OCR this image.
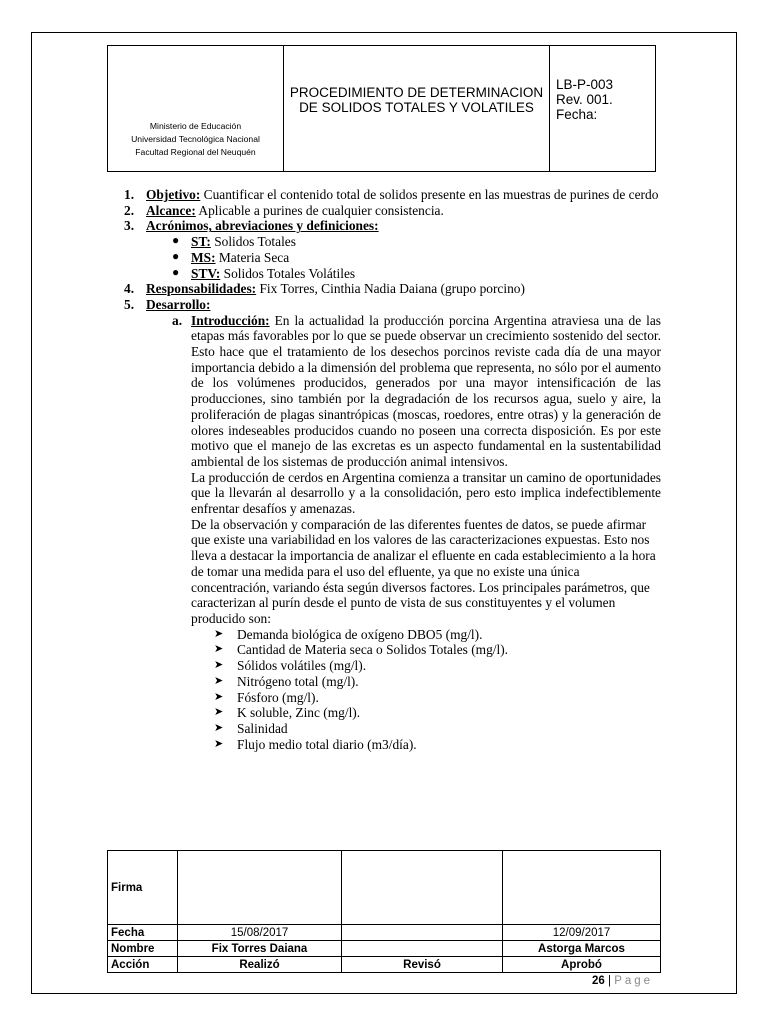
Ministerio de Educación
Universidad Tecnológica Nacional
Facultad Regional del Neuquén

PROCEDIMIENTO DE DETERMINACION
DE SOLIDOS TOTALES Y VOLATILES

LB-P-003
Rev. 001.
Fecha:
1. Objetivo: Cuantificar el contenido total de solidos presente en las muestras de purines de cerdo
2. Alcance: Aplicable a purines de cualquier consistencia.
3. Acrónimos, abreviaciones y definiciones:
● ST: Solidos Totales
● MS: Materia Seca
● STV: Solidos Totales Volátiles
4. Responsabilidades: Fix Torres, Cinthia Nadia Daiana (grupo porcino)
5. Desarrollo:
a. Introducción: En la actualidad la producción porcina Argentina atraviesa una de las etapas más favorables por lo que se puede observar un crecimiento sostenido del sector. Esto hace que el tratamiento de los desechos porcinos reviste cada día de una mayor importancia debido a la dimensión del problema que representa, no sólo por el aumento de los volúmenes producidos, generados por una mayor intensificación de las producciones, sino también por la degradación de los recursos agua, suelo y aire, la proliferación de plagas sinantrópicas (moscas, roedores, entre otras) y la generación de olores indeseables producidos cuando no poseen una correcta disposición. Es por este motivo que el manejo de las excretas es un aspecto fundamental en la sustentabilidad ambiental de los sistemas de producción animal intensivos.
La producción de cerdos en Argentina comienza a transitar un camino de oportunidades que la llevarán al desarrollo y a la consolidación, pero esto implica indefectiblemente enfrentar desafíos y amenazas.
De la observación y comparación de las diferentes fuentes de datos, se puede afirmar que existe una variabilidad en los valores de las caracterizaciones expuestas. Esto nos lleva a destacar la importancia de analizar el efluente en cada establecimiento a la hora de tomar una medida para el uso del efluente, ya que no existe una única concentración, variando ésta según diversos factores. Los principales parámetros, que caracterizan al purín desde el punto de vista de sus constituyentes y el volumen producido son:
➤ Demanda biológica de oxígeno DBO5 (mg/l).
➤ Cantidad de Materia seca o Solidos Totales (mg/l).
➤ Sólidos volátiles (mg/l).
➤ Nitrógeno total (mg/l).
➤ Fósforo (mg/l).
➤ K soluble, Zinc (mg/l).
➤ Salinidad
➤ Flujo medio total diario (m3/día).
Firma			
Fecha	15/08/2017		12/09/2017
Nombre	Fix Torres Daiana		Astorga Marcos
Acción	Realizó	Revisó	Aprobó
26 | Page
